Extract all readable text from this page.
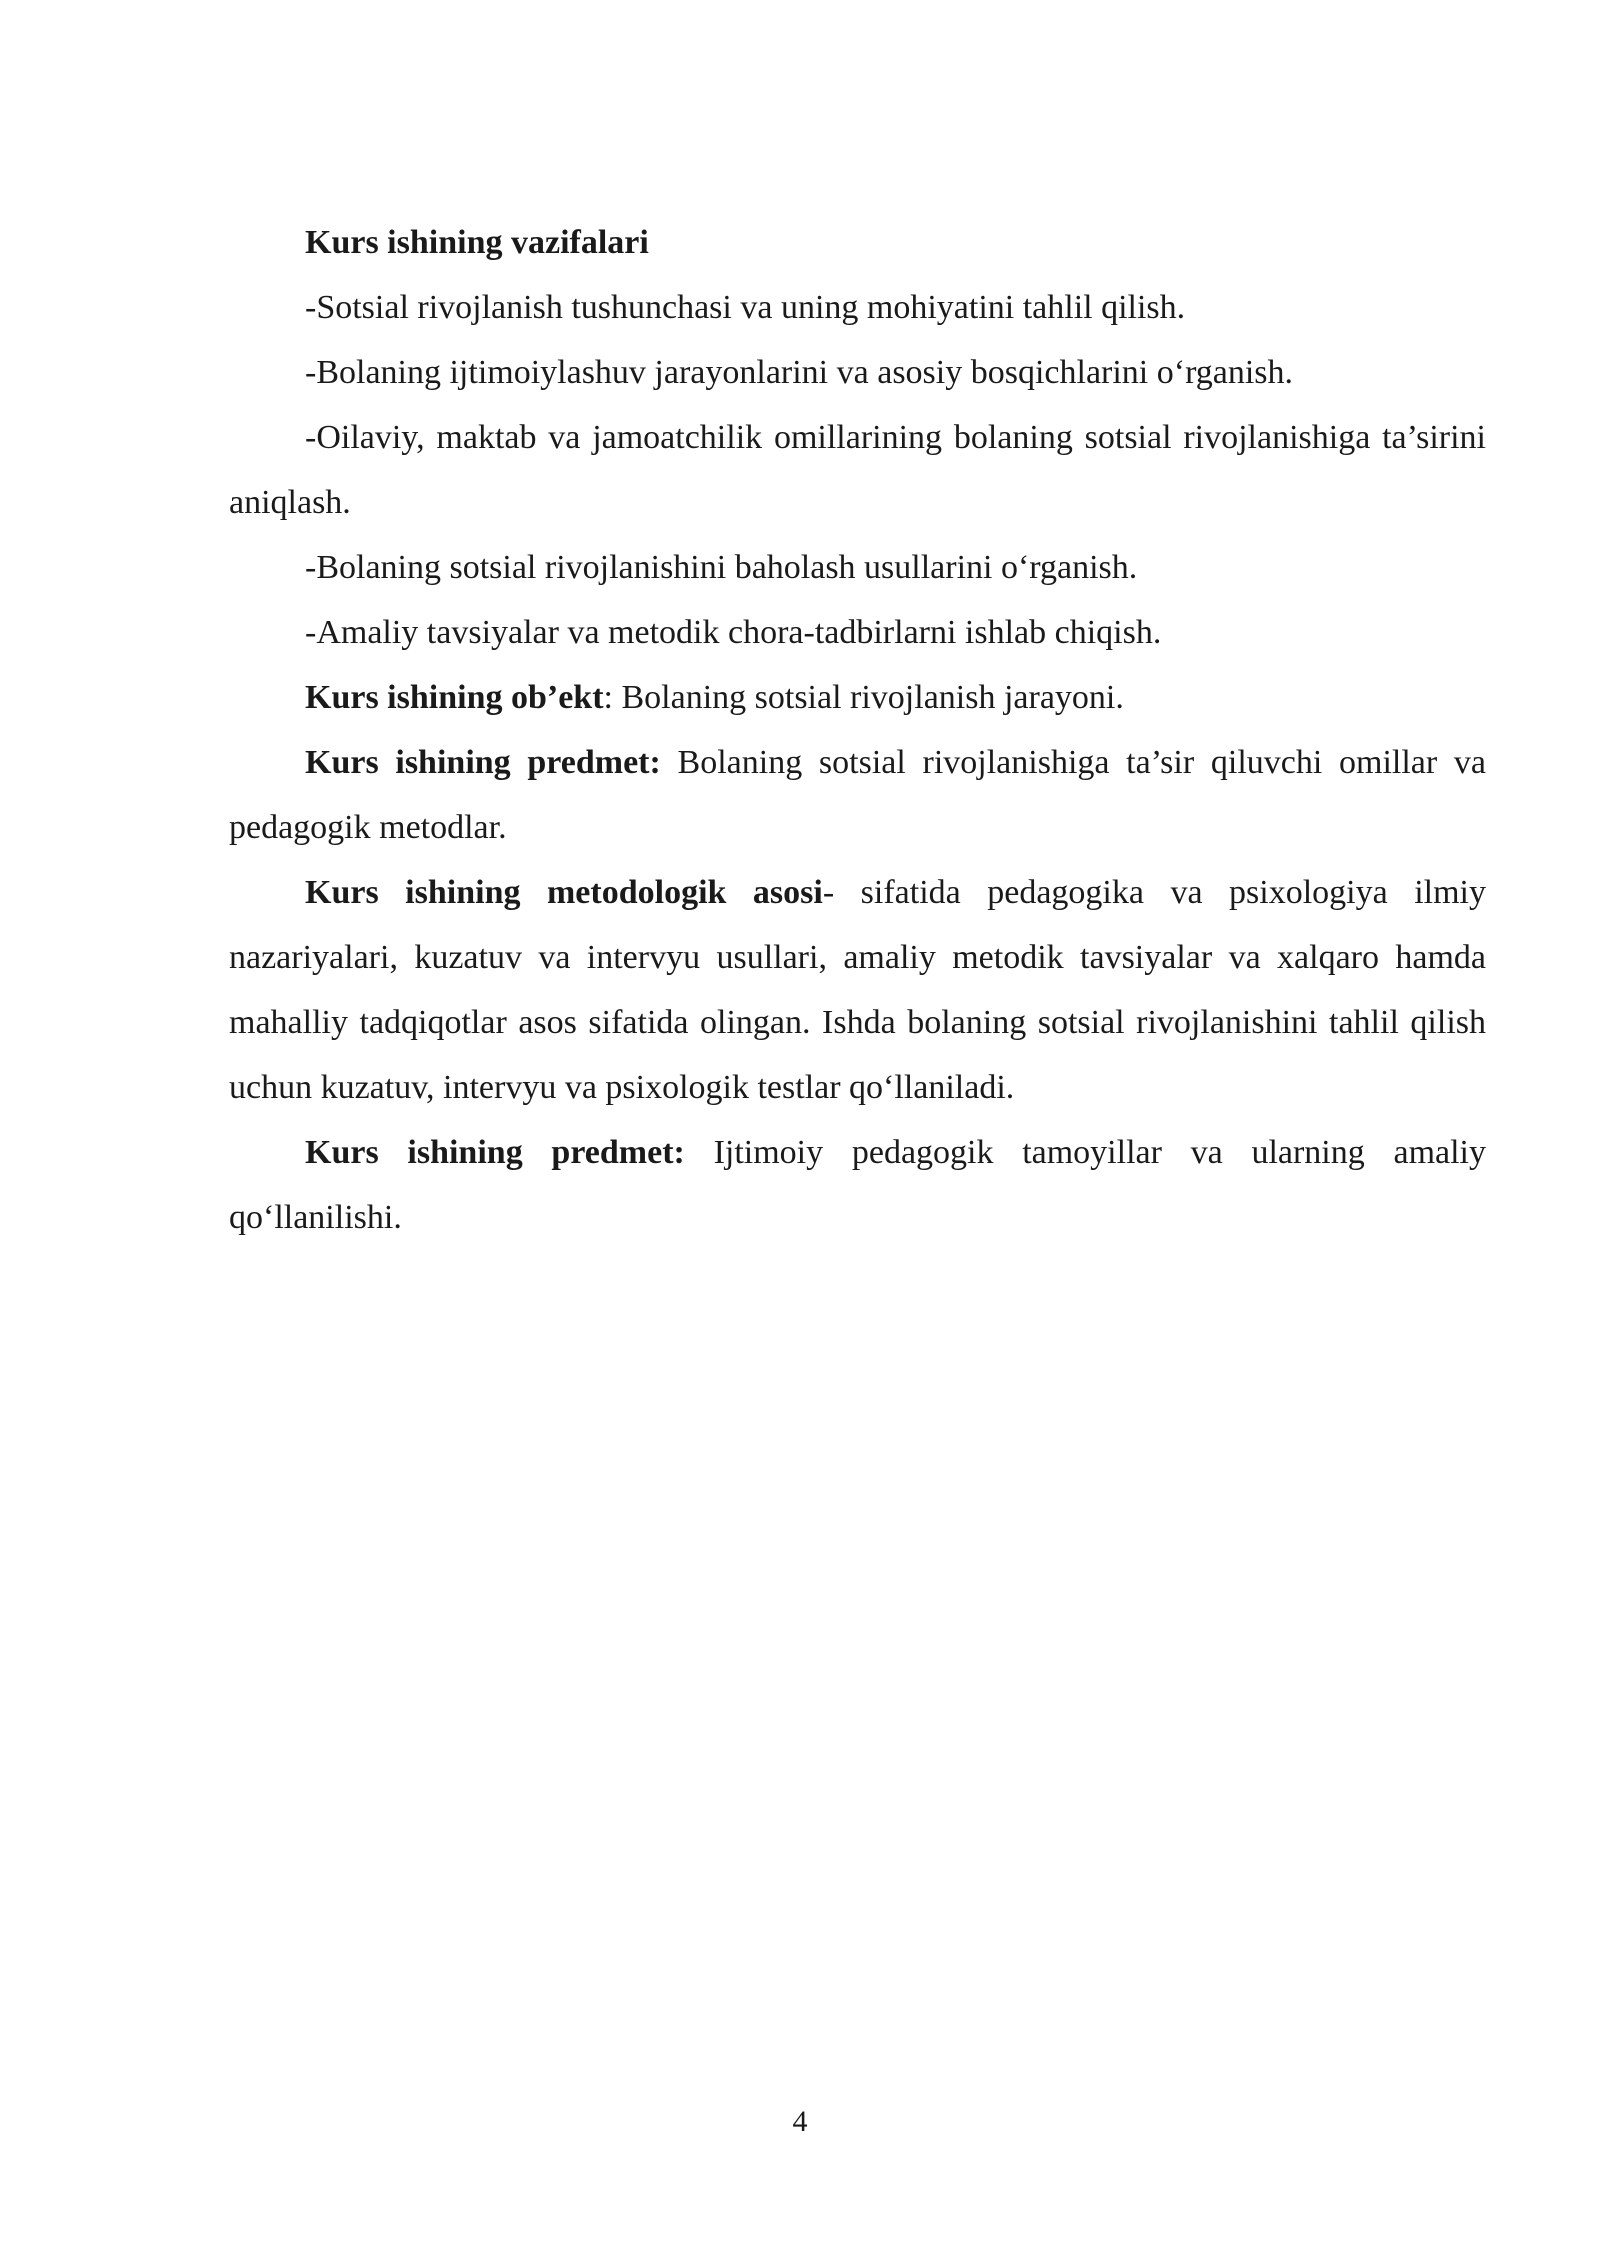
Kurs ishining vazifalari

-Sotsial rivojlanish tushunchasi va uning mohiyatini tahlil qilish.

-Bolaning ijtimoiylashuv jarayonlarini va asosiy bosqichlarini o‘rganish.

-Oilaviy, maktab va jamoatchilik omillarining bolaning sotsial rivojlanishiga ta’sirini aniqlash.

-Bolaning sotsial rivojlanishini baholash usullarini o‘rganish.

-Amaliy tavsiyalar va metodik chora-tadbirlarni ishlab chiqish.

Kurs ishining ob’ekt: Bolaning sotsial rivojlanish jarayoni.

Kurs ishining predmet: Bolaning sotsial rivojlanishiga ta’sir qiluvchi omillar va pedagogik metodlar.

Kurs ishining metodologik asosi- sifatida pedagogika va psixologiya ilmiy nazariyalari, kuzatuv va intervyu usullari, amaliy metodik tavsiyalar va xalqaro hamda mahalliy tadqiqotlar asos sifatida olingan. Ishda bolaning sotsial rivojlanishini tahlil qilish uchun kuzatuv, intervyu va psixologik testlar qo‘llaniladi.

Kurs ishining predmet: Ijtimoiy pedagogik tamoyillar va ularning amaliy qo‘llanilishi.

4
